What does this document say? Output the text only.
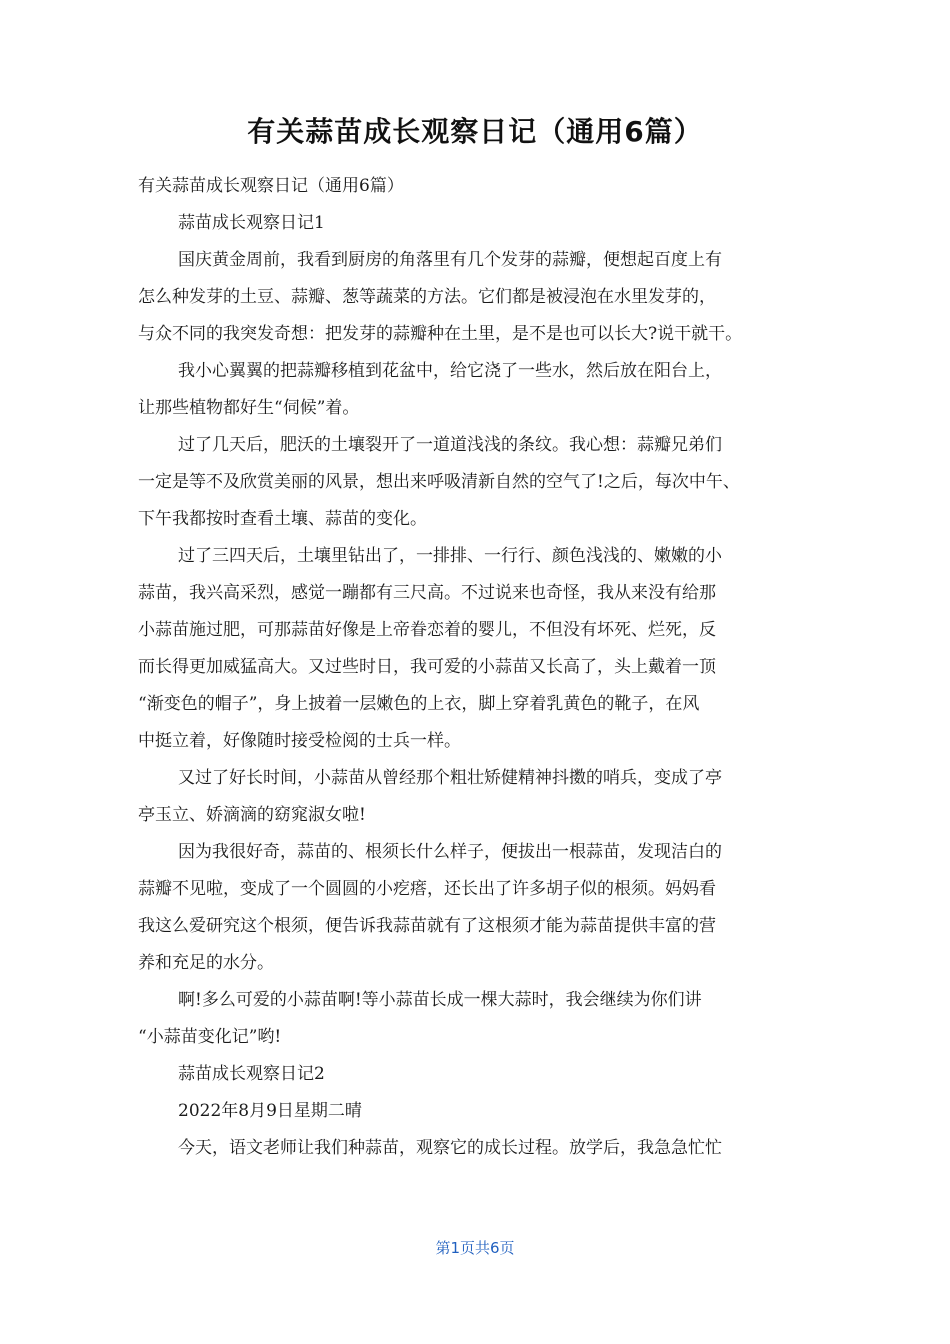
有关蒜苗成长观察日记（通用6篇）
有关蒜苗成长观察日记（通用6篇）
蒜苗成长观察日记1
国庆黄金周前，我看到厨房的角落里有几个发芽的蒜瓣，便想起百度上有
怎么种发芽的土豆、蒜瓣、葱等蔬菜的方法。它们都是被浸泡在水里发芽的，
与众不同的我突发奇想：把发芽的蒜瓣种在土里，是不是也可以长大?说干就干。
我小心翼翼的把蒜瓣移植到花盆中，给它浇了一些水，然后放在阳台上，
让那些植物都好生“伺候”着。
过了几天后，肥沃的土壤裂开了一道道浅浅的条纹。我心想：蒜瓣兄弟们
一定是等不及欣赏美丽的风景，想出来呼吸清新自然的空气了!之后，每次中午、
下午我都按时查看土壤、蒜苗的变化。
过了三四天后，土壤里钻出了，一排排、一行行、颜色浅浅的、嫩嫩的小
蒜苗，我兴高采烈，感觉一蹦都有三尺高。不过说来也奇怪，我从来没有给那
小蒜苗施过肥，可那蒜苗好像是上帝眷恋着的婴儿，不但没有坏死、烂死，反
而长得更加威猛高大。又过些时日，我可爱的小蒜苗又长高了，头上戴着一顶
“渐变色的帽子”，身上披着一层嫩色的上衣，脚上穿着乳黄色的靴子，在风
中挺立着，好像随时接受检阅的士兵一样。
又过了好长时间，小蒜苗从曾经那个粗壮矫健精神抖擞的哨兵，变成了亭
亭玉立、娇滴滴的窈窕淑女啦!
因为我很好奇，蒜苗的、根须长什么样子，便拔出一根蒜苗，发现洁白的
蒜瓣不见啦，变成了一个圆圆的小疙瘩，还长出了许多胡子似的根须。妈妈看
我这么爱研究这个根须，便告诉我蒜苗就有了这根须才能为蒜苗提供丰富的营
养和充足的水分。
啊!多么可爱的小蒜苗啊!等小蒜苗长成一棵大蒜时，我会继续为你们讲
“小蒜苗变化记”哟!
蒜苗成长观察日记2
2022年8月9日星期二晴
今天，语文老师让我们种蒜苗，观察它的成长过程。放学后，我急急忙忙
第1页共6页
